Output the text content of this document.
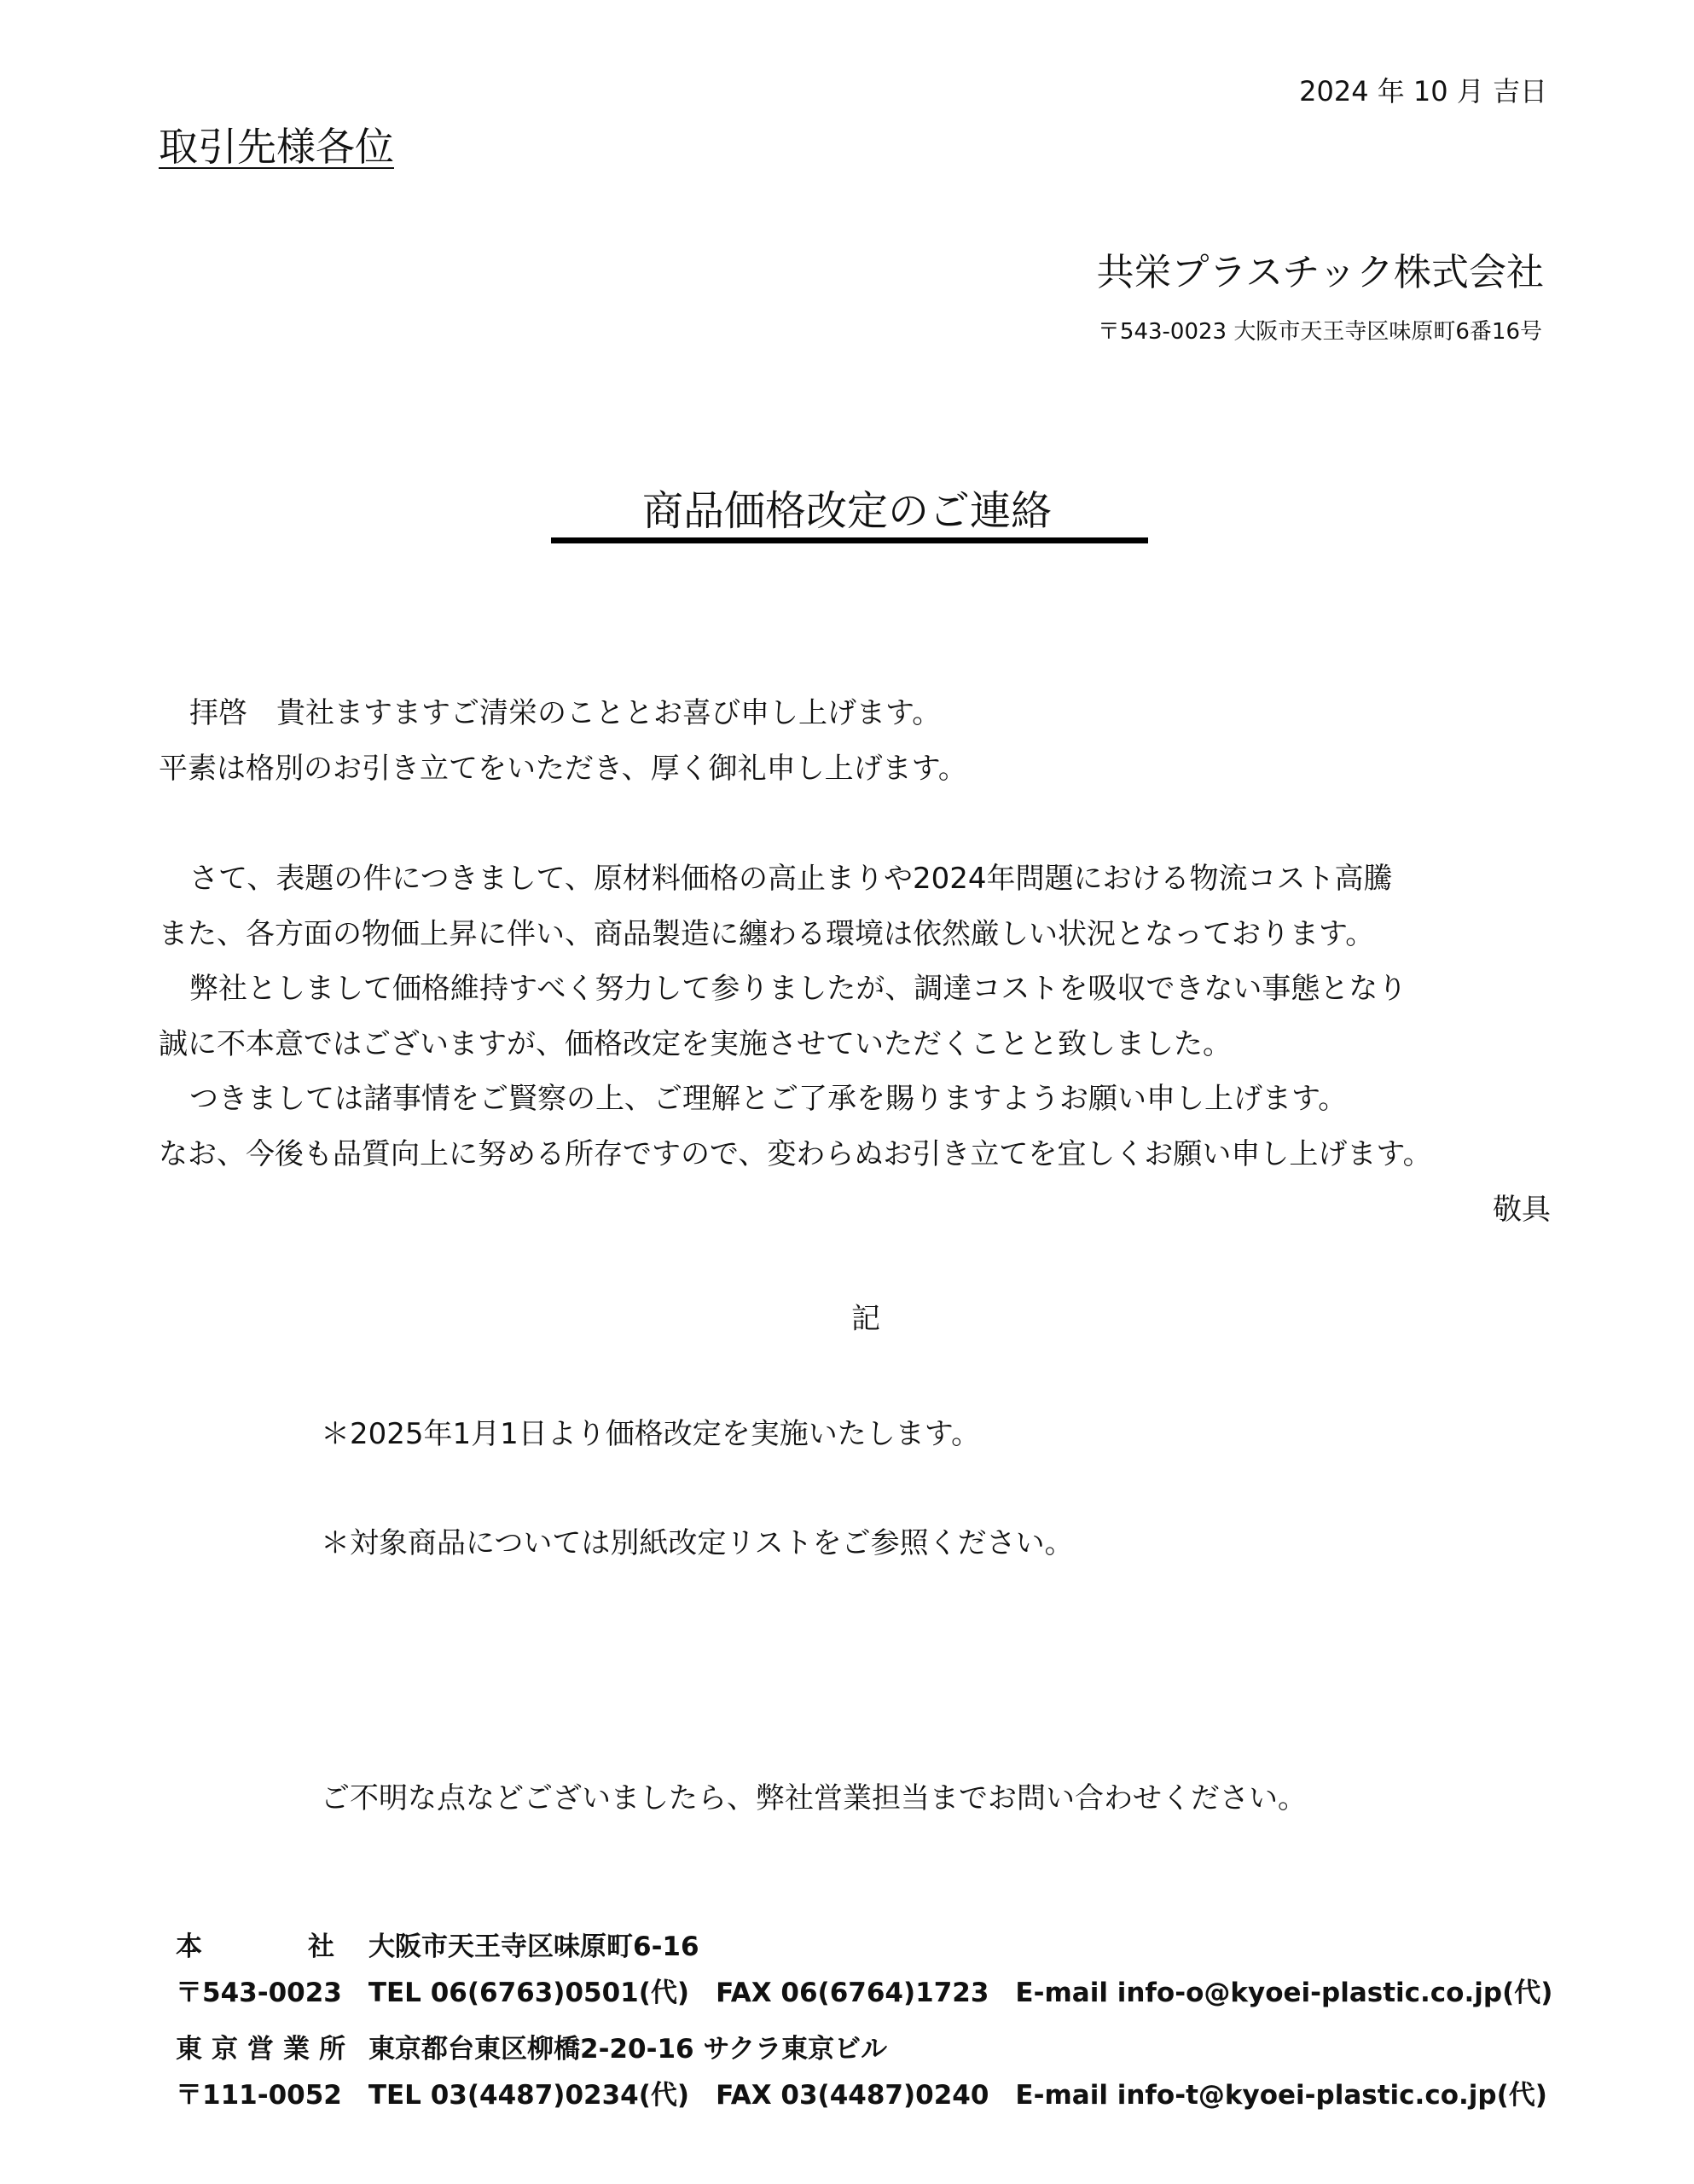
2024 年 10 月 吉日
取引先様各位
共栄プラスチック株式会社
〒543-0023 大阪市天王寺区味原町6番16号
商品価格改定のご連絡
拝啓　貴社ますますご清栄のこととお喜び申し上げます。
平素は格別のお引き立てをいただき、厚く御礼申し上げます。
さて、表題の件につきまして、原材料価格の高止まりや2024年問題における物流コスト高騰
また、各方面の物価上昇に伴い、商品製造に纏わる環境は依然厳しい状況となっております。
弊社としまして価格維持すべく努力して参りましたが、調達コストを吸収できない事態となり
誠に不本意ではございますが、価格改定を実施させていただくことと致しました。
つきましては諸事情をご賢察の上、ご理解とご了承を賜りますようお願い申し上げます。
なお、今後も品質向上に努める所存ですので、変わらぬお引き立てを宜しくお願い申し上げます。
敬具
記
＊2025年1月1日より価格改定を実施いたします。
＊対象商品については別紙改定リストをご参照ください。
ご不明な点などございましたら、弊社営業担当までお問い合わせください。
本　　　　社 大阪市天王寺区味原町6-16
〒543-0023　TEL 06(6763)0501(代)　FAX 06(6764)1723　E-mail info-o@kyoei-plastic.co.jp(代)
東京営業所 東京都台東区柳橋2-20-16 サクラ東京ビル
〒111-0052　TEL 03(4487)0234(代)　FAX 03(4487)0240　E-mail info-t@kyoei-plastic.co.jp(代)
